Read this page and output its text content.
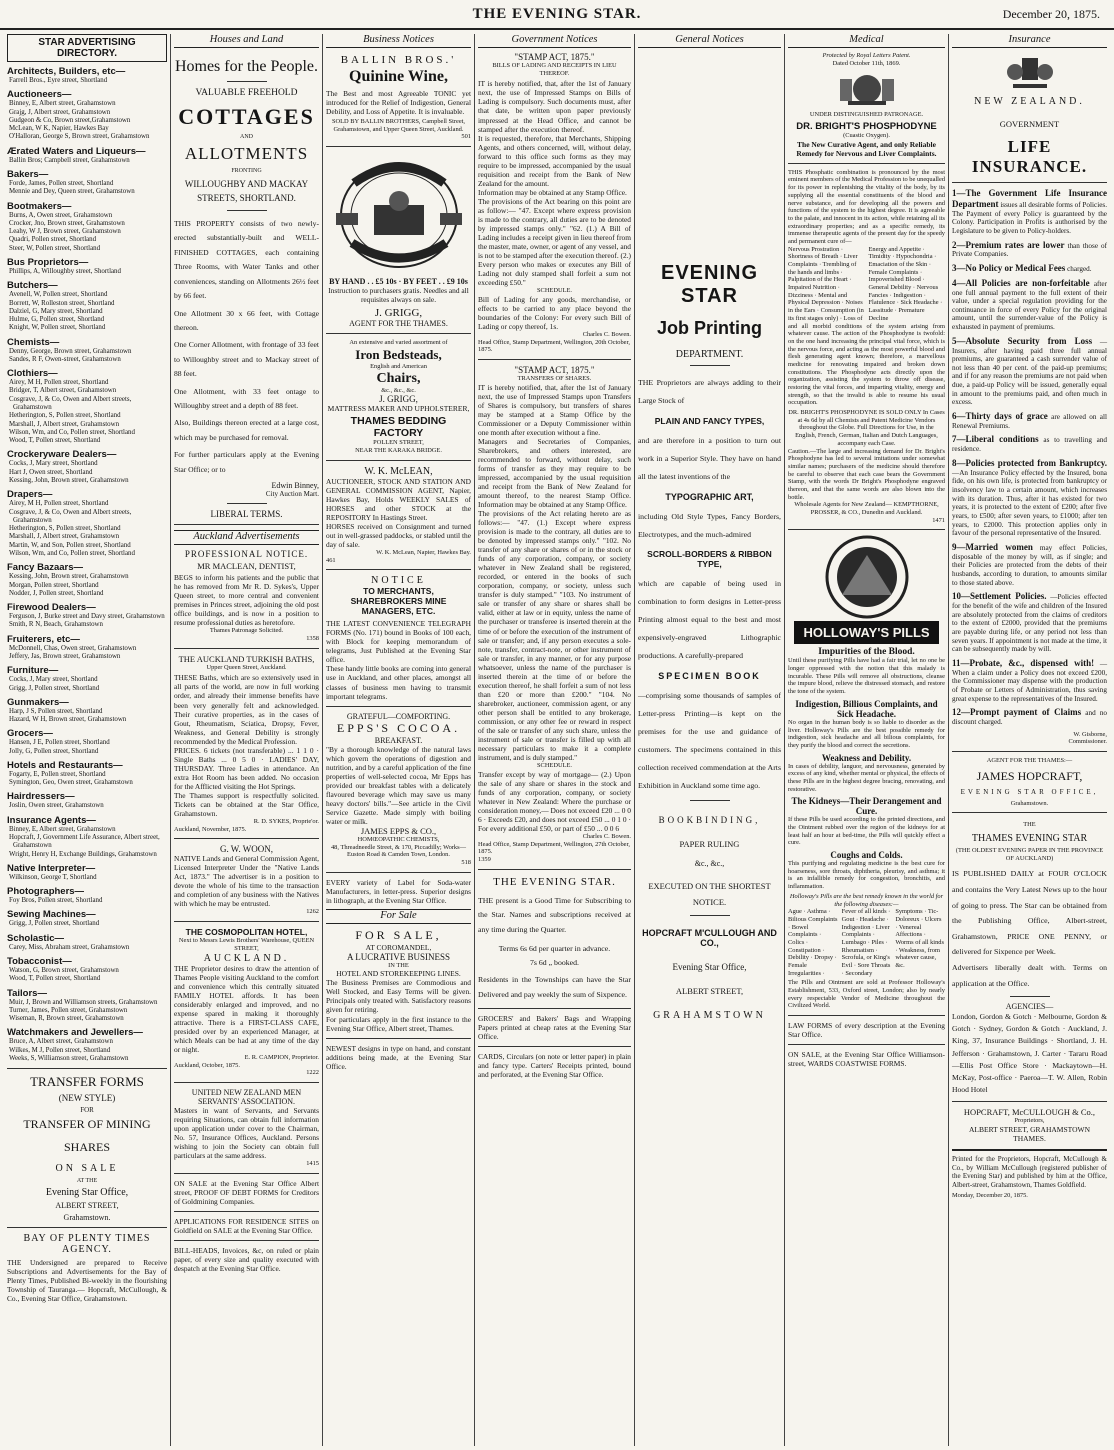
THE EVENING STAR.	December 20, 1875.
STAR ADVERTISING DIRECTORY.
Architects, Builders, etc—
Farrell Bros., Eyre street, Shortland
Auctioneers—
Binney, E, Albert street, Grahamstown
Grajg, J, Albert street, Grahamstown
Gudgeon & Co, Brown street,Grahamstown
McLean, W K, Napier, Hawkes Bay
O'Halloran, George S, Brown street, Grahamstown
Ærated Waters and Liqueurs—
Ballin Bros; Campbell street, Grahamstown
Bakers—
Forde, James, Pollen street, Shortland
Mennie and Dey, Queen street, Grahamstown
Bootmakers—
Burns, A, Owen street, Grahamstown
Crocker, Jno, Brown street, Grahamstown
Leahy, W J, Brown street, Grahamstown
Quadri, Pollen street, Shortland
Steer, W, Pollen street, Shortland
Bus Proprietors—
Phillips, A, Willoughby street, Shortland
Butchers—
Avenell, W, Pollen street, Shortland
Borrett, W, Rolleston street, Shortland
Dalziel, G, Mary street, Shortland
Hulme, G, Pollen street, Shortland
Knight, W, Pollen street, Shortland
Chemists—
Denny, George, Brown street, Grahamstown
Sandes, R F, Owen-street, Grahamstown
Clothiers—
Airey, M H, Pollen street, Shortland
Bridger, T, Albert street, Grahamstown
Cosgrave, J, & Co, Owen and Albert streets, Grahamstown
Hetherington, S, Pollen street, Shortland
Marshall, J, Albert street, Grahamstown
Wilson, Wm, and Co, Pollen street, Shortland
Wood, T, Pollen street, Shortland
Crockeryware Dealers—
Cocks, J, Mary street, Shortland
Hart J, Owen street, Shortland
Kessing, John, Brown street, Grahamstown
Drapers—
Airey, M H, Pollen street, Shortland
Cosgrave, J, & Co, Owen and Albert streets, Grahamstown
Hetherington, S, Pollen street, Shortland
Marshall, J, Albert street, Grahamstown
Martin, W, and Son, Pollen street, Shortland
Wilson, Wm, and Co, Pollen street, Shortland
Fancy Bazaars—
Kessing, John, Brown street, Grahamstown
Morgan, Pollen street, Shortland
Nodder, J, Pollen street, Shortland
Firewood Dealers—
Ferguson, J, Burke street and Davy street, Grahamstown
Smith, R N, Beach, Grahamstown
Fruiterers, etc—
McDonnell, Chas, Owen street, Grahamstown
Jeffery, Jas, Brown street, Grahamstown
Furniture—
Cocks, J, Mary street, Shortland
Grigg, J, Pollen street, Shortland
Gunmakers—
Harp, J S, Pollen street, Shortland
Hazard, W H, Brown street, Grahamstown
Grocers—
Hansen, J E, Pollen street, Shortland
Jolly, G, Pollen street, Shortland
Hotels and Restaurants—
Fogarty, E, Pollen street, Shortland
Symington, Geo, Owen street, Grahamstown
Hairdressers—
Joslin, Owen street, Grahamstown
Insurance Agents—
Binney, E, Albert street, Grahamstown
Hopcraft, J, Government Life Assurance, Albert street, Grahamstown
Wright, Henry H, Exchange Buildings, Grahamstown
Native Interpreter—
Wilkinson, George T, Shortland
Photographers—
Foy Bros, Pollen street, Shortland
Sewing Machines—
Grigg, J, Pollen street, Shortland
Scholastic—
Carey, Miss, Abraham street, Grahamstown
Tobacconist—
Watson, G, Brown street, Grahamstown
Wood, T, Pollen street, Shortland
Tailors—
Muir, J, Brown and Williamson streets, Grahamstown
Turner, James, Pollen street, Grahamstown
Wiseman, R, Brown street, Grahamstown
Watchmakers and Jewellers—
Bruce, A, Albert street, Grahamstown
Wilkes, M J, Pollen street, Shortland
Weeks, S, Williamson street, Grahamstown
TRANSFER FORMS
(NEW STYLE)
FOR
TRANSFER OF MINING
SHARES
ON SALE
AT THE
Evening Star Office,
ALBERT STREET,
Grahamstown.
BAY OF PLENTY TIMES AGENCY.
THE Undersigned are prepared to Receive Subscriptions and Advertisements for the Bay of Plenty Times, Published Bi-weekly in the flourishing Township of Tauranga.— Hopcraft, McCullough, & Co., Evening Star Office, Grahamstown.
Houses and Land
Homes for the People.
VALUABLE FREEHOLD
COTTAGES
AND
ALLOTMENTS
FRONTING
WILLOUGHBY AND MACKAY STREETS, SHORTLAND.
THIS PROPERTY consists of two newly-erected substantially-built and WELL-FINISHED COTTAGES, each containing Three Rooms, with Water Tanks and other conveniences, standing on Allotments 26½ feet by 66 feet.
One Allotment 30 x 66 feet, with Cottage thereon.
One Corner Allotment, with frontage of 33 feet to Willoughby street and to Mackay street of 88 feet.
One Allotment, with 33 feet ontage to Willoughby street and a depth of 88 feet.
Also, Buildings thereon erected at a large cost, which may be purchased for removal.
For further particulars apply at the Evening Star Office; or to
Edwin Binney,
City Auction Mart.
LIBERAL TERMS.
Auckland Advertisements
PROFESSIONAL NOTICE.
MR MACLEAN, DENTIST,
BEGS to inform his patients and the public that he has removed from Mr R. D. Sykes's, Upper Queen street, to more central and convenient premises in Princes street, adjoining the old post office buildings, and is now in a position to resume professional duties as heretofore.
Thames Patronage Solicited.
1358
THE AUCKLAND TURKISH BATHS,
Upper Queen Street, Auckland.
THESE Baths, which are so extensively used in all parts of the world, are now in full working order, and already their immense benefits have been very generally felt and acknowledged. Their curative properties, as in the cases of Gout, Rheumatism, Sciatica, Dropsy, Fever, Weakness, and General Debility is strongly recommended by the Medical Profession.
PRICES. 6 tickets (not transferable) ... 1 1 0 · Single Baths ... 0 5 0 · LADIES' DAY, THURSDAY. Three Ladies in attendance. An extra Hot Room has been added. No occasion for the Afflicted visiting the Hot Springs.
The Thames support is respectfully solicited. Tickets can be obtained at the Star Office, Grahamstown.
R. D. SYKES, Proprie'or.
Auckland, November, 1875.
G. W. WOON,
NATIVE Lands and General Commission Agent, Licensed Interpreter Under the "Native Lands Act, 1873." The advertiser is in a position to devote the whole of his time to the transaction and completion of any business with the Natives with which he may be entrusted.
1262
THE COSMOPOLITAN HOTEL,
Next to Messrs Lewis Brothers' Warehouse, QUEEN STREET,
AUCKLAND.
THE Proprietor desires to draw the attention of Thames People visiting Auckland to the comfort and convenience which this centrally situated FAMILY HOTEL affords. It has been considerably enlarged and improved, and no expense spared in making it thoroughly attractive. There is a FIRST-CLASS CAFE, presided over by an experienced Manager, at which Meals can be had at any time of the day or night.
E. R. CAMPION, Proprietor.
Auckland, October, 1875.
1222
UNITED NEW ZEALAND MEN SERVANTS' ASSOCIATION.
Masters in want of Servants, and Servants requiring Situations, can obtain full information upon application under cover to the Chairman, No. 57, Insurance Offices, Auckland. Persons wishing to join the Society can obtain full particulars at the same address.
1415
ON SALE at the Evening Star Office Albert street, PROOF OF DEBT FORMS for Creditors of Goldmining Companies.
APPLICATIONS FOR RESIDENCE SITES on Goldfield on SALE at the Evening Star Office.
BILL-HEADS, Invoices, &c, on ruled or plain paper, of every size and quality executed with despatch at the Evening Star Office.
Business Notices
BALLIN BROS.'
Quinine Wine,
The Best and most Agreeable TONIC yet introduced for the Relief of Indigestion, General Debility, and Loss of Appetite. It is invaluable.
SOLD BY BALLIN BROTHERS, Campbell Street, Grahamstown, and Upper Queen Street, Auckland.
501
BY HAND . . £5 10s · BY FEET . . £9 10s
Instruction to purchasers gratis. Needles and all requisites always on sale.
J. GRIGG,
AGENT FOR THE THAMES.
An extensive and varied assortment of
Iron Bedsteads,
English and American
Chairs,
&c., &c., &c.
J. GRIGG,
MATTRESS MAKER AND UPHOLSTERER,
THAMES BEDDING FACTORY
POLLEN STREET,
NEAR THE KARAKA BRIDGE.
W. K. McLEAN,
AUCTIONEER, STOCK AND STATION AND GENERAL COMMISSION AGENT, Napier, Hawkes Bay, Holds WEEKLY SALES of HORSES and other STOCK at the REPOSITORY In Hastings Street.
HORSES received on Consignment and turned out in well-grassed paddocks, or stabled until the day of sale.
W. K. McLean, Napier, Hawkes Bay.
461
NOTICE
TO MERCHANTS, SHAREBROKERS MINE MANAGERS, ETC.
THE LATEST CONVENIENCE TELEGRAPH FORMS (No. 171) bound in Books of 100 each, with Block for keeping memorandum of telegrams, Just Published at the Evening Star office.
These handy little books are coming into general use in Auckland, and other places, amongst all classes of business men having to transmit important telegrams.
GRATEFUL—COMFORTING.
EPPS'S COCOA.
BREAKFAST.
"By a thorough knowledge of the natural laws which govern the operations of digestion and nutrition, and by a careful application of the fine properties of well-selected cocoa, Mr Epps has provided our breakfast tables with a delicately flavoured beverage which may save us many heavy doctors' bills."—See article in the Civil Service Gazette. Made simply with boiling water or milk.
JAMES EPPS & CO.,
HOMŒOPATHIC CHEMISTS,
48, Threadneedle Street, & 170, Piccadilly; Works—Euston Road & Camden Town, London.
518
EVERY variety of Label for Soda-water Manufacturers, in letter-press. Superior designs in lithograph, at the Evening Star Office.
For Sale
FOR SALE,
AT COROMANDEL,
A LUCRATIVE BUSINESS
IN THE
HOTEL AND STOREKEEPING LINES.
The Business Premises are Commodious and Well Stocked, and Easy Terms will be given. Principals only treated with. Satisfactory reasons given for retiring.
For particulars apply in the first instance to the Evening Star Office, Albert street, Thames.
NEWEST designs in type on hand, and constant additions being made, at the Evening Star Office.
Government Notices
"STAMP ACT, 1875."
BILLS OF LADING AND RECEIPTS IN LIEU THEREOF.
IT is hereby notified, that, after the 1st of January next, the use of Impressed Stamps on Bills of Lading is compulsory. Such documents must, after that date, be written upon paper previously impressed at the Head Office, and cannot be stamped after the execution thereof.
It is requested, therefore, that Merchants, Shipping Agents, and others concerned, will, without delay, forward to this office such forms as they may require to be impressed, accompanied by the usual requisition and receipt from the Bank of New Zealand for the amount.
Information may be obtained at any Stamp Office.
The provisions of the Act bearing on this point are as follow:— "47. Except where express provision is made to the contrary, all duties are to be denoted by impressed stamps only." "62. (1.) A Bill of Lading includes a receipt given in lieu thereof from the master, mate, owner, or agent of any vessel, and is not to be stamped after the execution thereof. (2.) Every person who makes or executes any Bill of Lading not duly stamped shall forfeit a sum not exceeding £50."
SCHEDULE.
Bill of Lading for any goods, merchandise, or effects to be carried to any place beyond the boundaries of the Colony: For every such Bill of Lading or copy thereof, 1s.
Charles C. Bowen.
Head Office, Stamp Department, Wellington, 20th October, 1875.
"STAMP ACT, 1875."
TRANSFERS OF SHARES.
IT is hereby notified, that, after the 1st of January next, the use of Impressed Stamps upon Transfers of Shares is compulsory, but transfers of shares may be stamped at a Stamp Office by the Commissioner or a Deputy Commissioner within one month after execution without a fine.
Managers and Secretaries of Companies, Sharebrokers, and others interested, are recommended to forward, without delay, such forms of transfer as they may require to be impressed, accompanied by the usual requisition and receipt from the Bank of New Zealand for amount thereof, to the nearest Stamp Office. Information may be obtained at any Stamp Office.
The provisions of the Act relating hereto are as follows:— "47. (1.) Except where express provision is made to the contrary, all duties are to be denoted by impressed stamps only." "102. No transfer of any share or shares of or in the stock or funds of any corporation, company, or society whatever in New Zealand shall be registered, recorded, or entered in the books of such corporation, company, or society, unless such transfer is duly stamped." "103. No instrument of sale or transfer of any share or shares shall be valid, either at law or in equity, unless the name of the purchaser or transferee is inserted therein at the time of or before the execution of the instrument of sale or transfer; and, if any person executes a sole-note, transfer, contract-note, or other instrument of sale or transfer, in any manner, or for any purpose whatsoever, unless the name of the purchaser is inserted therein at the time of or before the execution thereof, he shall forfeit a sum of not less than £20 or more than £200." "104. No sharebroker, auctioneer, commission agent, or any other person shall be entitled to any brokerage, commission, or any other fee or reward in respect of the sale or transfer of any such share, unless the instrument of sale or transfer is filled up with all necessary particulars to make it a complete instrument, and is duly stamped."
SCHEDULE.
Transfer except by way of mortgage— (2.) Upon the sale of any share or shares in the stock and funds of any corporation, company, or society whatever in New Zealand: Where the purchase or consideration money,— Does not exceed £20 ... 0 0 6 · Exceeds £20, and does not exceed £50 ... 0 1 0 · For every additional £50, or part of £50 ... 0 0 6
Charles C. Bowen.
Head Office, Stamp Department, Wellington, 27th October, 1875.
1359
THE EVENING STAR.
THE present is a Good Time for Subscribing to the Star. Names and subscriptions received at any time during the Quarter.
Terms 6s 6d per quarter in advance.
7s 6d „ booked.
Residents in the Townships can have the Star Delivered and pay weekly the sum of Sixpence.
GROCERS' and Bakers' Bags and Wrapping Papers printed at cheap rates at the Evening Star Office.
CARDS, Circulars (on note or letter paper) in plain and fancy type. Carters' Receipts printed, bound and perforated, at the Evening Star Office.
General Notices
EVENING STAR
Job Printing
DEPARTMENT.
THE Proprietors are always adding to their Large Stock of
PLAIN AND FANCY TYPES,
and are therefore in a position to turn out work in a Superior Style. They have on hand all the latest inventions of the
TYPOGRAPHIC ART,
including Old Style Types, Fancy Borders, Electrotypes, and the much-admired
SCROLL-BORDERS & RIBBON TYPE,
which are capable of being used in combination to form designs in Letter-press Printing almost equal to the best and most expensively-engraved Lithographic productions. A carefully-prepared
SPECIMEN BOOK
—comprising some thousands of samples of Letter-press Printing—is kept on the premises for the use and guidance of customers. The specimens contained in this collection received commendation at the Arts Exhibition in Auckland some time ago.
BOOKBINDING,
PAPER RULING
&c., &c.,
EXECUTED ON THE SHORTEST NOTICE.
HOPCRAFT M'CULLOUGH AND CO.,
Evening Star Office,
ALBERT STREET,
GRAHAMSTOWN
Medical
Protected by Royal Letters Patent.
Dated October 11th, 1869.
UNDER DISTINGUISHED PATRONAGE.
DR. BRIGHT'S PHOSPHODYNE
(Cuastic Oxygen).
The New Curative Agent, and only Reliable Remedy for Nervous and Liver Complaints.
THIS Phosphatic combination is pronounced by the most eminent members of the Medical Profession to be unequalled for its power in replenishing the vitality of the body, by its supplying all the essential constituents of the blood and nerve substance, and for developing all the powers and functions of the system to the highest degree. It is agreeable to the palate, and innocent in its action, while retaining all its extraordinary properties; and as a specific remedy, its immense therapeutic agents of the present day for the speedy and permanent cure of—
Nervous Prostration · Shortness of Breath · Liver Complaints · Trembling of the hands and limbs · Palpitation of the Heart · Impaired Nutrition · Dizziness · Mental and Physical Depression · Noises in the Ears · Consumption (in its first stages only) · Loss of Energy and Appetite · Timidity · Hypochondria · Emaciation of the Skin · Female Complaints · Impoverished Blood · General Debility · Nervous Fancies · Indigestion · Flatulence · Sick Headache · Lassitude · Premature Decline
and all morbid conditions of the system arising from whatever cause. The action of the Phosphodyne is twofold: on the one hand increasing the principal vital force, which is the nervous force, and acting as the most powerful blood and flesh generating agent known; therefore, a marvellous medicine for renovating impaired and broken down constitutions. The Phosphodyne acts directly upon the organization, assisting the system to throw off disease, restoring the vital forces, and imparting vitality, energy and strength, so that the invalid is able to resume his usual occupation.
DR. BRIGHT'S PHOSPHODYNE IS SOLD ONLY In Cases at 4s 6d by all Chemists and Patent Medicine Vendors throughout the Globe. Full Directions for Use, in the English, French, German, Italian and Dutch Languages, accompany each Case.
Caution.—The large and increasing demand for Dr. Bright's Phosphodyne has led to several imitations under somewhat similar names; purchasers of the medicine should therefore be careful to observe that each case bears the Government Stamp, with the words Dr Bright's Phosphodyne engraved thereon, and that the same words are also blown into the bottle.
Wholesale Agents for New Zealand— KEMPTHORNE, PROSSER, & CO., Dunedin and Auckland.
1471
HOLLOWAY'S PILLS
Impurities of the Blood.
Until these purifying Pills have had a fair trial, let no one be longer oppressed with the notion that this malady is incurable. These Pills will remove all obstructions, cleanse the impure blood, relieve the distressed stomach, and restore the tone of the system.
Indigestion, Billious Complaints, and Sick Headache.
No organ in the human body is so liable to disorder as the liver. Holloway's Pills are the best possible remedy for indigestion, sick headache and all bilious complaints, for they purify the blood and correct the secretions.
Weakness and Debility.
In cases of debility, languor, and nervousness, generated by excess of any kind, whether mental or physical, the effects of these Pills are in the highest degree bracing, renovating, and restorative.
The Kidneys—Their Derangement and Cure.
If these Pills be used according to the printed directions, and the Ointment rubbed over the region of the kidneys for at least half an hour at bed-time, the Pills will quickly effect a cure.
Coughs and Colds.
This purifying and regulating medicine is the best cure for hoarseness, sore throats, diphtheria, pleurisy, and asthma; it is an infallible remedy for congestion, bronchitis, and inflammation.
Holloway's Pills are the best remedy known in the world for the following diseases:—
Ague · Asthma · Bilious Complaints · Bowel Complaints · Colics · Constipation · Debility · Dropsy · Female Irregularities · Fever of all kinds · Gout · Headache · Indigestion · Liver Complaints · Lumbago · Piles · Rheumatism · Scrofula, or King's Evil · Sore Throats · Secondary Symptoms · Tic-Doloreux · Ulcers · Venereal Affections · Worms of all kinds · Weakness, from whatever cause, &c.
The Pills and Ointment are sold at Professor Holloway's Establishment, 533, Oxford street, London; also by nearly every respectable Vendor of Medicine throughout the Civilized World.
LAW FORMS of every description at the Evening Star Office.
ON SALE, at the Evening Star Office Williamson-street, WARDS COASTWISE FORMS.
Insurance
NEW ZEALAND.
GOVERNMENT
LIFE INSURANCE.
1—The Government Life Insurance Department issues all desirable forms of Policies. The Payment of every Policy is guaranteed by the Colony. Participation in Profits is authorised by the Legislature to be given to Policy-holders.
2—Premium rates are lower than those of Private Companies.
3—No Policy or Medical Fees charged.
4—All Policies are non-forfeitable after one full annual payment to the full extent of their value, under a special regulation providing for the continuance in force of every Policy for the original amount, until the surrender-value of the Policy is exhausted in payment of premiums.
5—Absolute Security from Loss —Insurers, after having paid three full annual premiums, are guaranteed a cash surrender value of not less than 40 per cent. of the paid-up premiums; and if for any reason the premiums are not paid when due, a paid-up Policy will be issued, generally equal in amount to the premiums paid, and often much in excess.
6—Thirty days of grace are allowed on all Renewal Premiums.
7—Liberal conditions as to travelling and residence.
8—Policies protected from Bankruptcy. —An Insurance Policy effected by the Insured, bona fide, on his own life, is protected from bankruptcy or insolvency law to a certain amount, which increases with its duration. Thus, after it has existed for two years, it is protected to the extent of £200; after five years, to £500; after seven years, to £1000; after ten years, to £2000. This protection applies only in favour of the personal representative of the Insured.
9—Married women may effect Policies, disposable of the money by will, as if single; and their Policies are protected from the debts of their husbands, according to duration, to amounts similar to those stated above.
10—Settlement Policies. —Policies effected for the benefit of the wife and children of the Insured are absolutely protected from the claims of creditors to the extent of £2000, provided that the premiums are payable during life, or any period not less than seven years. If appointment is not made at the time, it can be subsequently made by will.
11—Probate, &c., dispensed with! —When a claim under a Policy does not exceed £200, the Commissioner may dispense with the production of Probate or Letters of Administration, thus saving great expense to the representatives of the Insured.
12—Prompt payment of Claims and no discount charged.
W. Gisborne,
Commissioner.
AGENT FOR THE THAMES:—
JAMES HOPCRAFT,
EVENING STAR OFFICE,
Grahamstown.
THE
THAMES EVENING STAR
(THE OLDEST EVENING PAPER IN THE PROVINCE OF AUCKLAND)
IS PUBLISHED DAILY at FOUR O'CLOCK and contains the Very Latest News up to the hour of going to press. The Star can be obtained from the Publishing Office, Albert-street, Grahamstown, PRICE ONE PENNY, or delivered for Sixpence per Week.
Advertisers liberally dealt with. Terms on application at the Office.
AGENCIES—
London, Gordon & Gotch · Melbourne, Gordon & Gotch · Sydney, Gordon & Gotch · Auckland, J. King, 37, Insurance Buildings · Shortland, J. H. Jefferson · Grahamstown, J. Carter · Tararu Road—Ellis Post Office Store · Mackaytown—H. McKay, Post-office · Paeroa—T. W. Allen, Robin Hood Hotel
HOPCRAFT, McCULLOUGH & Co.,
Proprietors,
ALBERT STREET, GRAHAMSTOWN
THAMES.
Printed for the Proprietors, Hopcraft, McCullough & Co., by William McCullough (registered publisher of the Evening Star) and published by him at the Office, Albert-street, Grahamstown, Thames Goldfield.
Monday, December 20, 1875.
